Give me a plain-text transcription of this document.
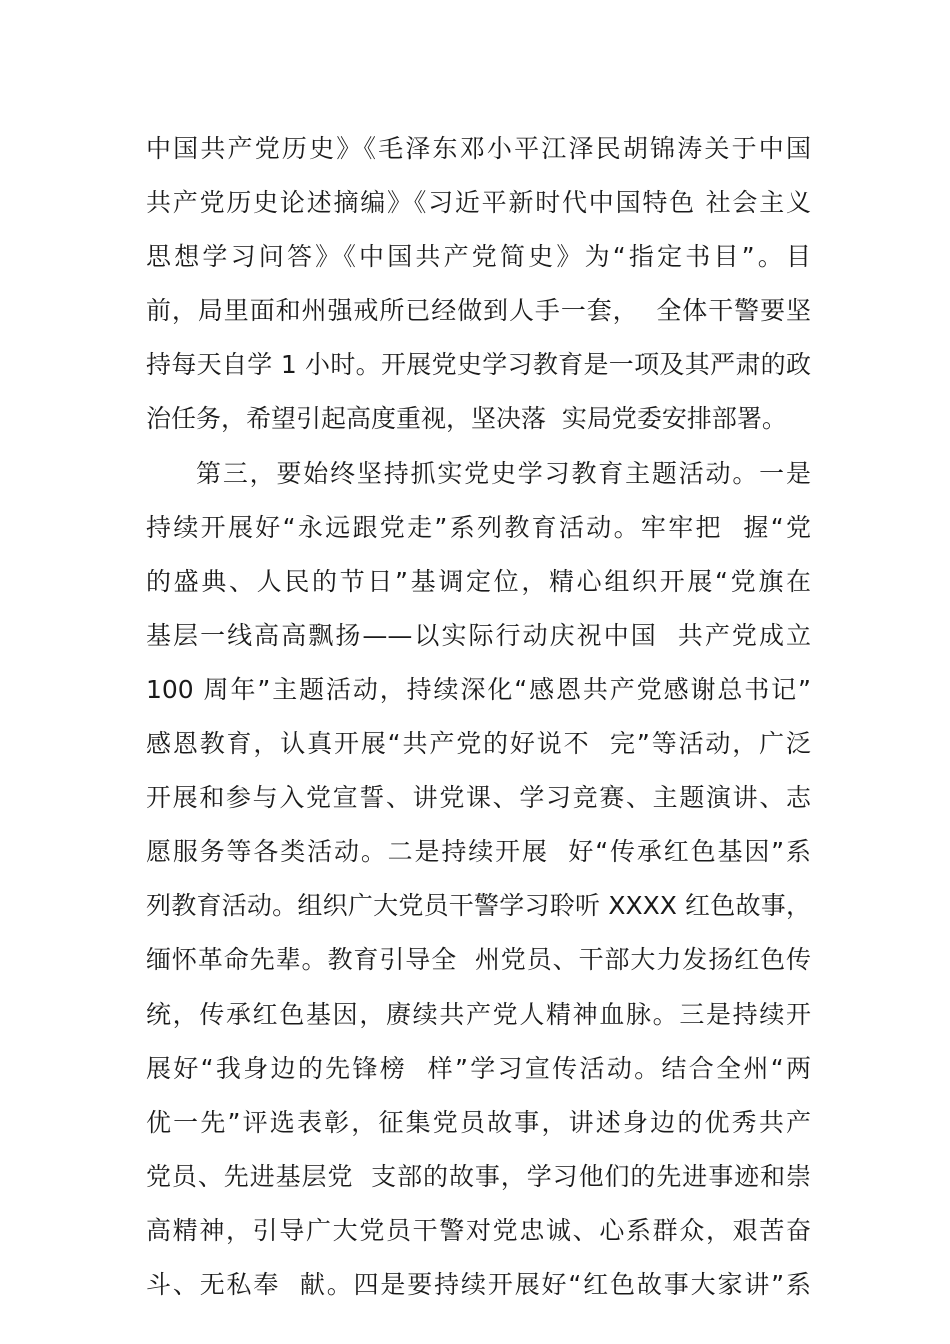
中国共产党历史》《毛泽东邓小平江泽民胡锦涛关于中国
共产党历史论述摘编》《习近平新时代中国特色 社会主义
思想学习问答》《中国共产党简史》为“指定书目”。目
前，局里面和州强戒所已经做到人手一套，  全体干警要坚
持每天自学 1 小时。开展党史学习教育是一项及其严肃的政
治任务，希望引起高度重视，坚决落  实局党委安排部署。
第三，要始终坚持抓实党史学习教育主题活动。一是
持续开展好“永远跟党走”系列教育活动。牢牢把  握“党
的盛典、人民的节日”基调定位，精心组织开展“党旗在
基层一线高高飘扬——以实际行动庆祝中国  共产党成立
100 周年”主题活动，持续深化“感恩共产党感谢总书记”
感恩教育，认真开展“共产党的好说不  完”等活动，广泛
开展和参与入党宣誓、讲党课、学习竞赛、主题演讲、志
愿服务等各类活动。二是持续开展  好“传承红色基因”系
列教育活动。组织广大党员干警学习聆听 XXXX 红色故事，
缅怀革命先辈。教育引导全  州党员、干部大力发扬红色传
统，传承红色基因，赓续共产党人精神血脉。三是持续开
展好“我身边的先锋榜  样”学习宣传活动。结合全州“两
优一先”评选表彰，征集党员故事，讲述身边的优秀共产
党员、先进基层党  支部的故事，学习他们的先进事迹和崇
高精神，引导广大党员干警对党忠诚、心系群众，艰苦奋
斗、无私奉  献。四是要持续开展好“红色故事大家讲”系
